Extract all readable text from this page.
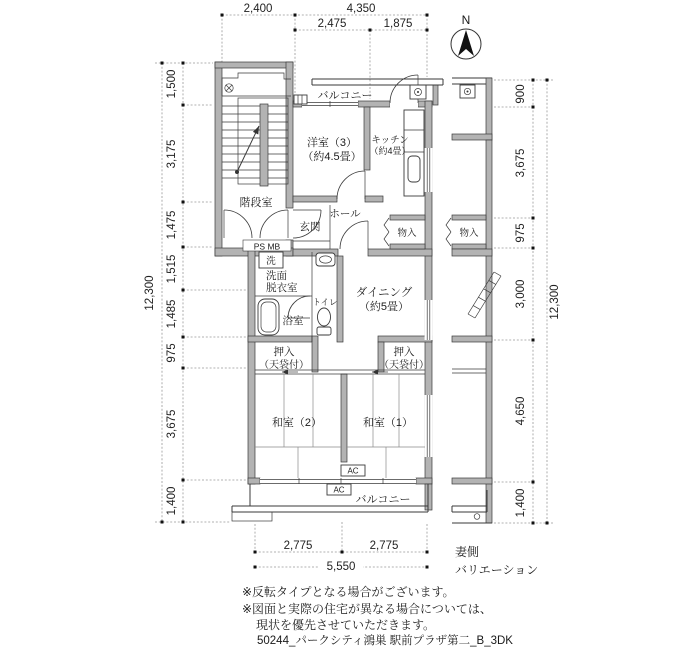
N
バルコニー
洋室（3）
（約4.5畳）
キッチン
（約4畳）
階段室
PS MB
玄関
ホール
物入	物入
洗
洗面
脱衣室
トイレ
浴室
ダイニング
（約5畳）
押入
（天袋付）
押入
（天袋付）
和室（2）	和室（1）
AC
AC
バルコニー
2,400	4,350
2,475	1,875
1,500
3,175
1,475
1,515
1,485
975
3,675
1,400
12,300
900
3,675
975
3,000
4,650
1,400
12,300
2,775	2,775
5,550
妻側
バリエーション
※反転タイプとなる場合がございます。
※図面と実際の住宅が異なる場合については、
現状を優先させていただきます。
50244_パークシティ鴻巣 駅前プラザ第二_B_3DK
